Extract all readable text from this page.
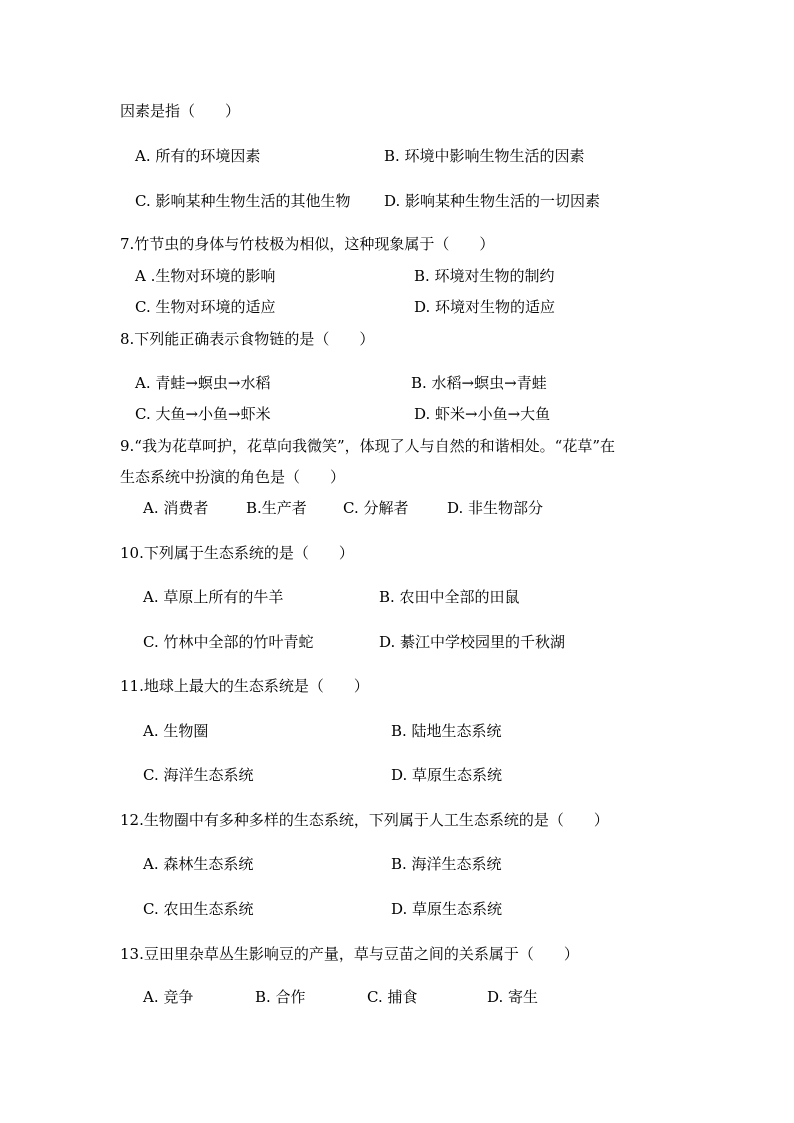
因素是指（　　）
A. 所有的环境因素	B. 环境中影响生物生活的因素
C. 影响某种生物生活的其他生物 D. 影响某种生物生活的一切因素
7.竹节虫的身体与竹枝极为相似，这种现象属于（　　）
A .生物对环境的影响	B. 环境对生物的制约
C. 生物对环境的适应	D. 环境对生物的适应
8.下列能正确表示食物链的是（　　）
A. 青蛙→螟虫→水稻	B. 水稻→螟虫→青蛙
C. 大鱼→小鱼→虾米	D. 虾米→小鱼→大鱼
9.“我为花草呵护，花草向我微笑”，体现了人与自然的和谐相处。“花草”在
生态系统中扮演的角色是（　　）
A. 消费者	B.生产者 C. 分解者	D. 非生物部分
10.下列属于生态系统的是（　　）
A. 草原上所有的牛羊	B. 农田中全部的田鼠
C. 竹林中全部的竹叶青蛇	D. 綦江中学校园里的千秋湖
11.地球上最大的生态系统是（　　）
A. 生物圈	B. 陆地生态系统
C. 海洋生态系统	D. 草原生态系统
12.生物圈中有多种多样的生态系统，下列属于人工生态系统的是（　　）
A. 森林生态系统	B. 海洋生态系统
C. 农田生态系统	D. 草原生态系统
13.豆田里杂草丛生影响豆的产量，草与豆苗之间的关系属于（　　）
A. 竞争	B. 合作	C. 捕食	D. 寄生
